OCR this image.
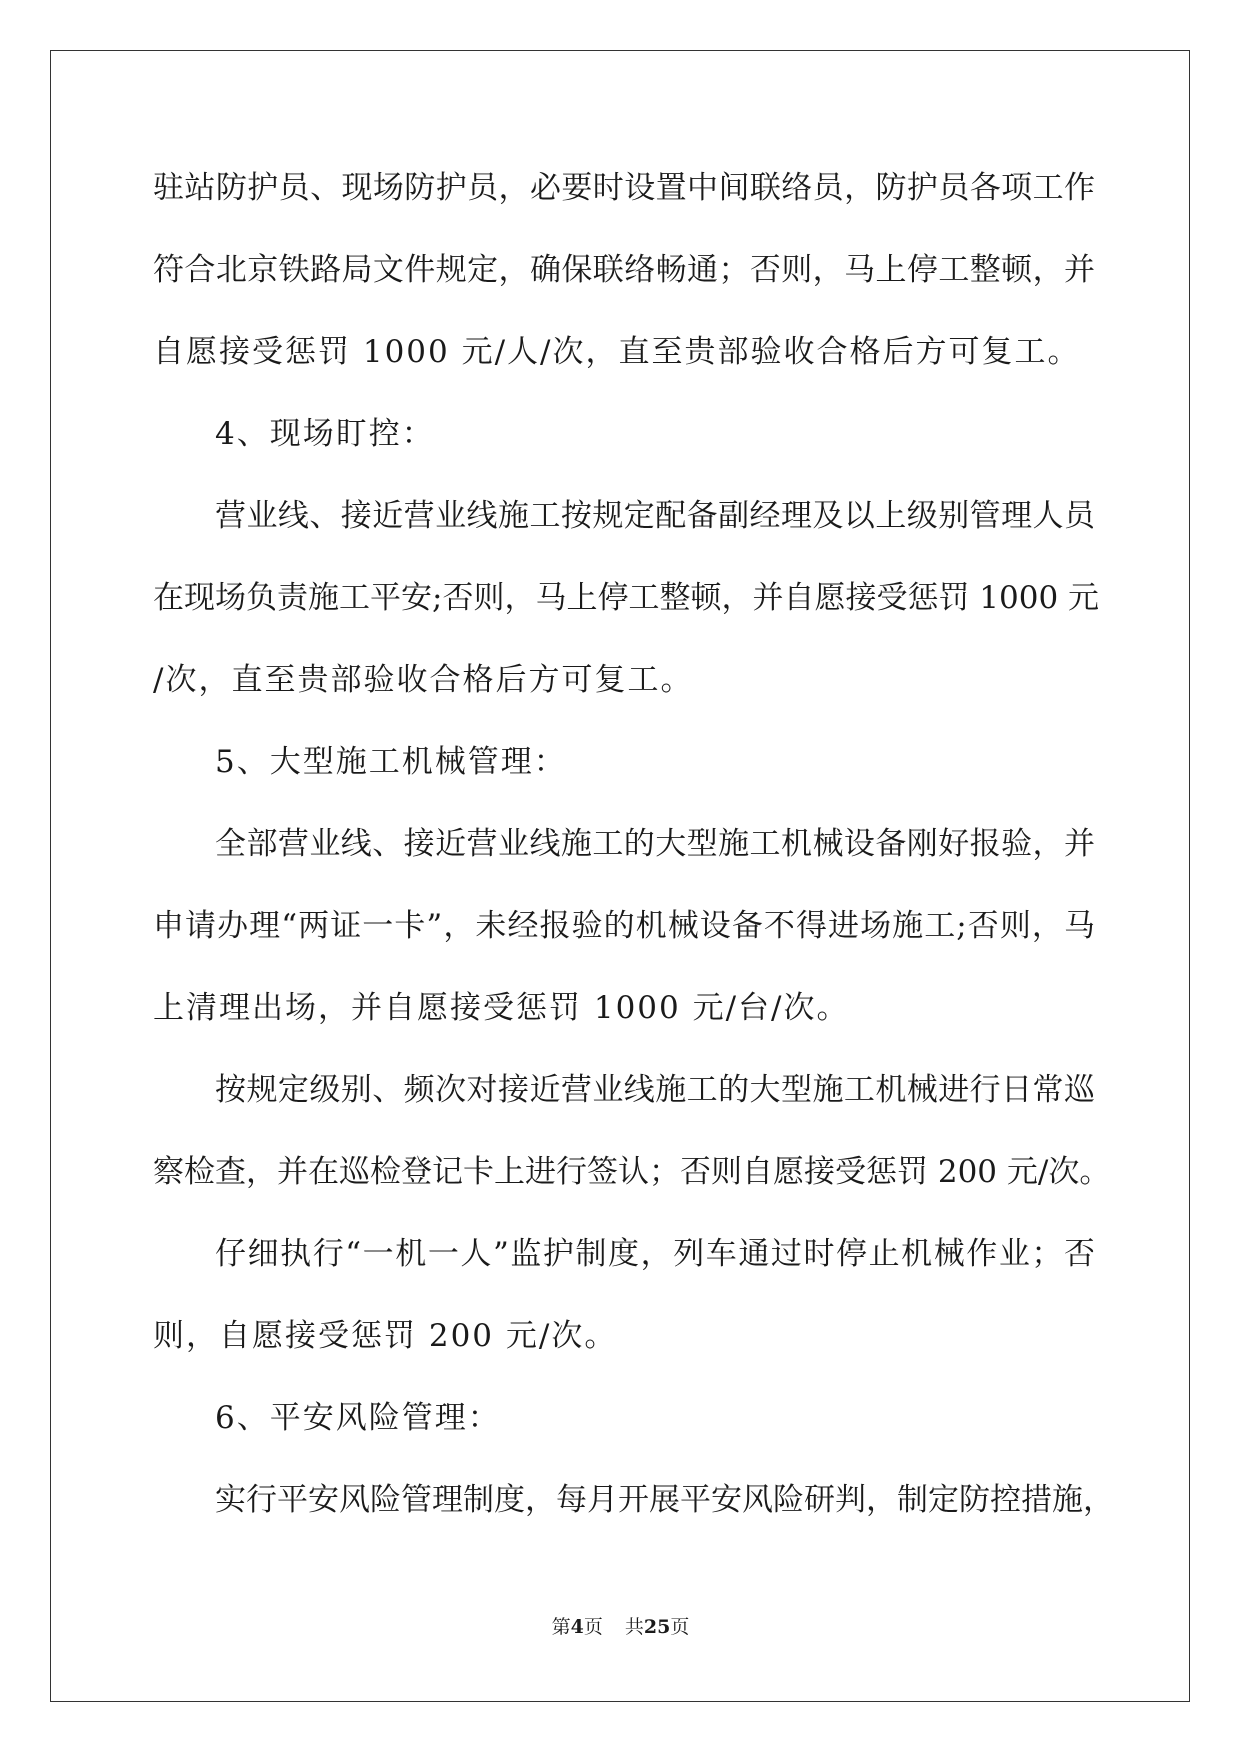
驻站防护员、现场防护员，必要时设置中间联络员，防护员各项工作
符合北京铁路局文件规定，确保联络畅通；否则，马上停工整顿，并
自愿接受惩罚 1000 元/人/次，直至贵部验收合格后方可复工。
4、现场盯控：
营业线、接近营业线施工按规定配备副经理及以上级别管理人员
在现场负责施工平安;否则，马上停工整顿，并自愿接受惩罚 1000 元
/次，直至贵部验收合格后方可复工。
5、大型施工机械管理：
全部营业线、接近营业线施工的大型施工机械设备刚好报验，并
申请办理“两证一卡”，未经报验的机械设备不得进场施工;否则，马
上清理出场，并自愿接受惩罚 1000 元/台/次。
按规定级别、频次对接近营业线施工的大型施工机械进行日常巡
察检查，并在巡检登记卡上进行签认；否则自愿接受惩罚 200 元/次。
仔细执行“一机一人”监护制度，列车通过时停止机械作业；否
则，自愿接受惩罚 200 元/次。
6、平安风险管理：
实行平安风险管理制度，每月开展平安风险研判，制定防控措施，
第4页 共25页
